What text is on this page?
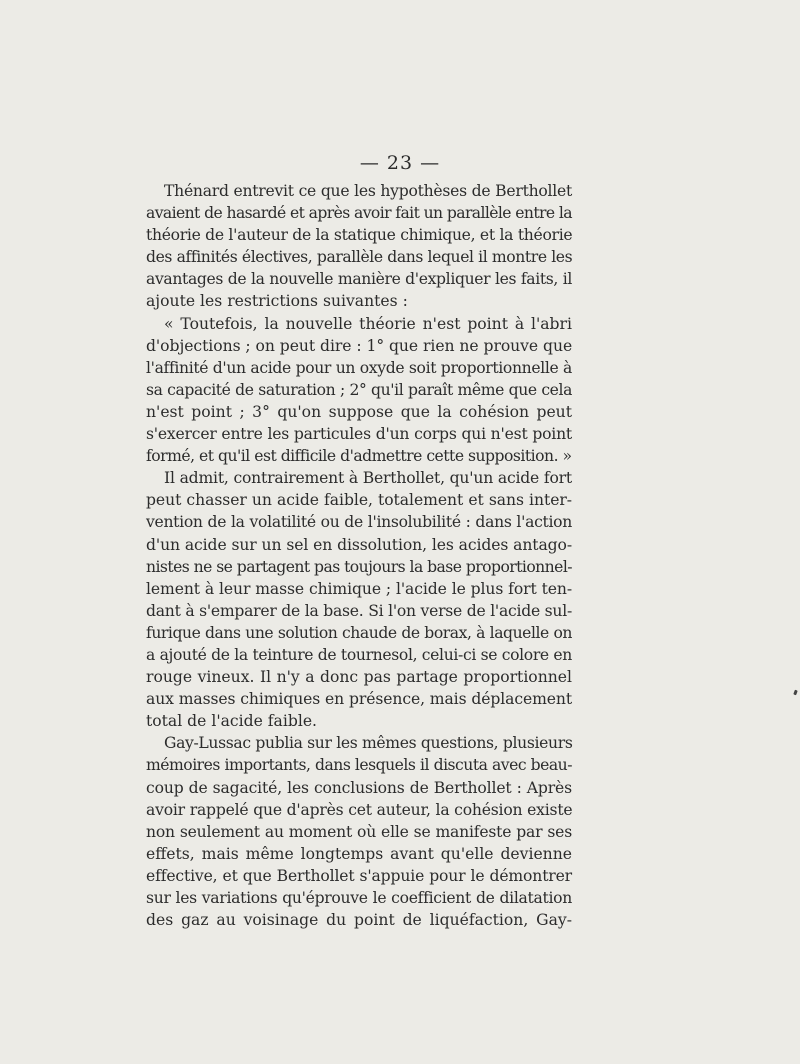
— 23 —
Thénard entrevit ce que les hypothèses de Berthollet
avaient de hasardé et après avoir fait un parallèle entre la
théorie de l'auteur de la statique chimique, et la théorie
des affinités électives, parallèle dans lequel il montre les
avantages de la nouvelle manière d'expliquer les faits, il
ajoute les restrictions suivantes :
« Toutefois, la nouvelle théorie n'est point à l'abri
d'objections ; on peut dire : 1° que rien ne prouve que
l'affinité d'un acide pour un oxyde soit proportionnelle à
sa capacité de saturation ; 2° qu'il paraît même que cela
n'est point ; 3° qu'on suppose que la cohésion peut
s'exercer entre les particules d'un corps qui n'est point
formé, et qu'il est difficile d'admettre cette supposition. »
Il admit, contrairement à Berthollet, qu'un acide fort
peut chasser un acide faible, totalement et sans inter-
vention de la volatilité ou de l'insolubilité : dans l'action
d'un acide sur un sel en dissolution, les acides antago-
nistes ne se partagent pas toujours la base proportionnel-
lement à leur masse chimique ; l'acide le plus fort ten-
dant à s'emparer de la base. Si l'on verse de l'acide sul-
furique dans une solution chaude de borax, à laquelle on
a ajouté de la teinture de tournesol, celui-ci se colore en
rouge vineux. Il n'y a donc pas partage proportionnel
aux masses chimiques en présence, mais déplacement
total de l'acide faible.
Gay-Lussac publia sur les mêmes questions, plusieurs
mémoires importants, dans lesquels il discuta avec beau-
coup de sagacité, les conclusions de Berthollet : Après
avoir rappelé que d'après cet auteur, la cohésion existe
non seulement au moment où elle se manifeste par ses
effets, mais même longtemps avant qu'elle devienne
effective, et que Berthollet s'appuie pour le démontrer
sur les variations qu'éprouve le coefficient de dilatation
des gaz au voisinage du point de liquéfaction, Gay-
